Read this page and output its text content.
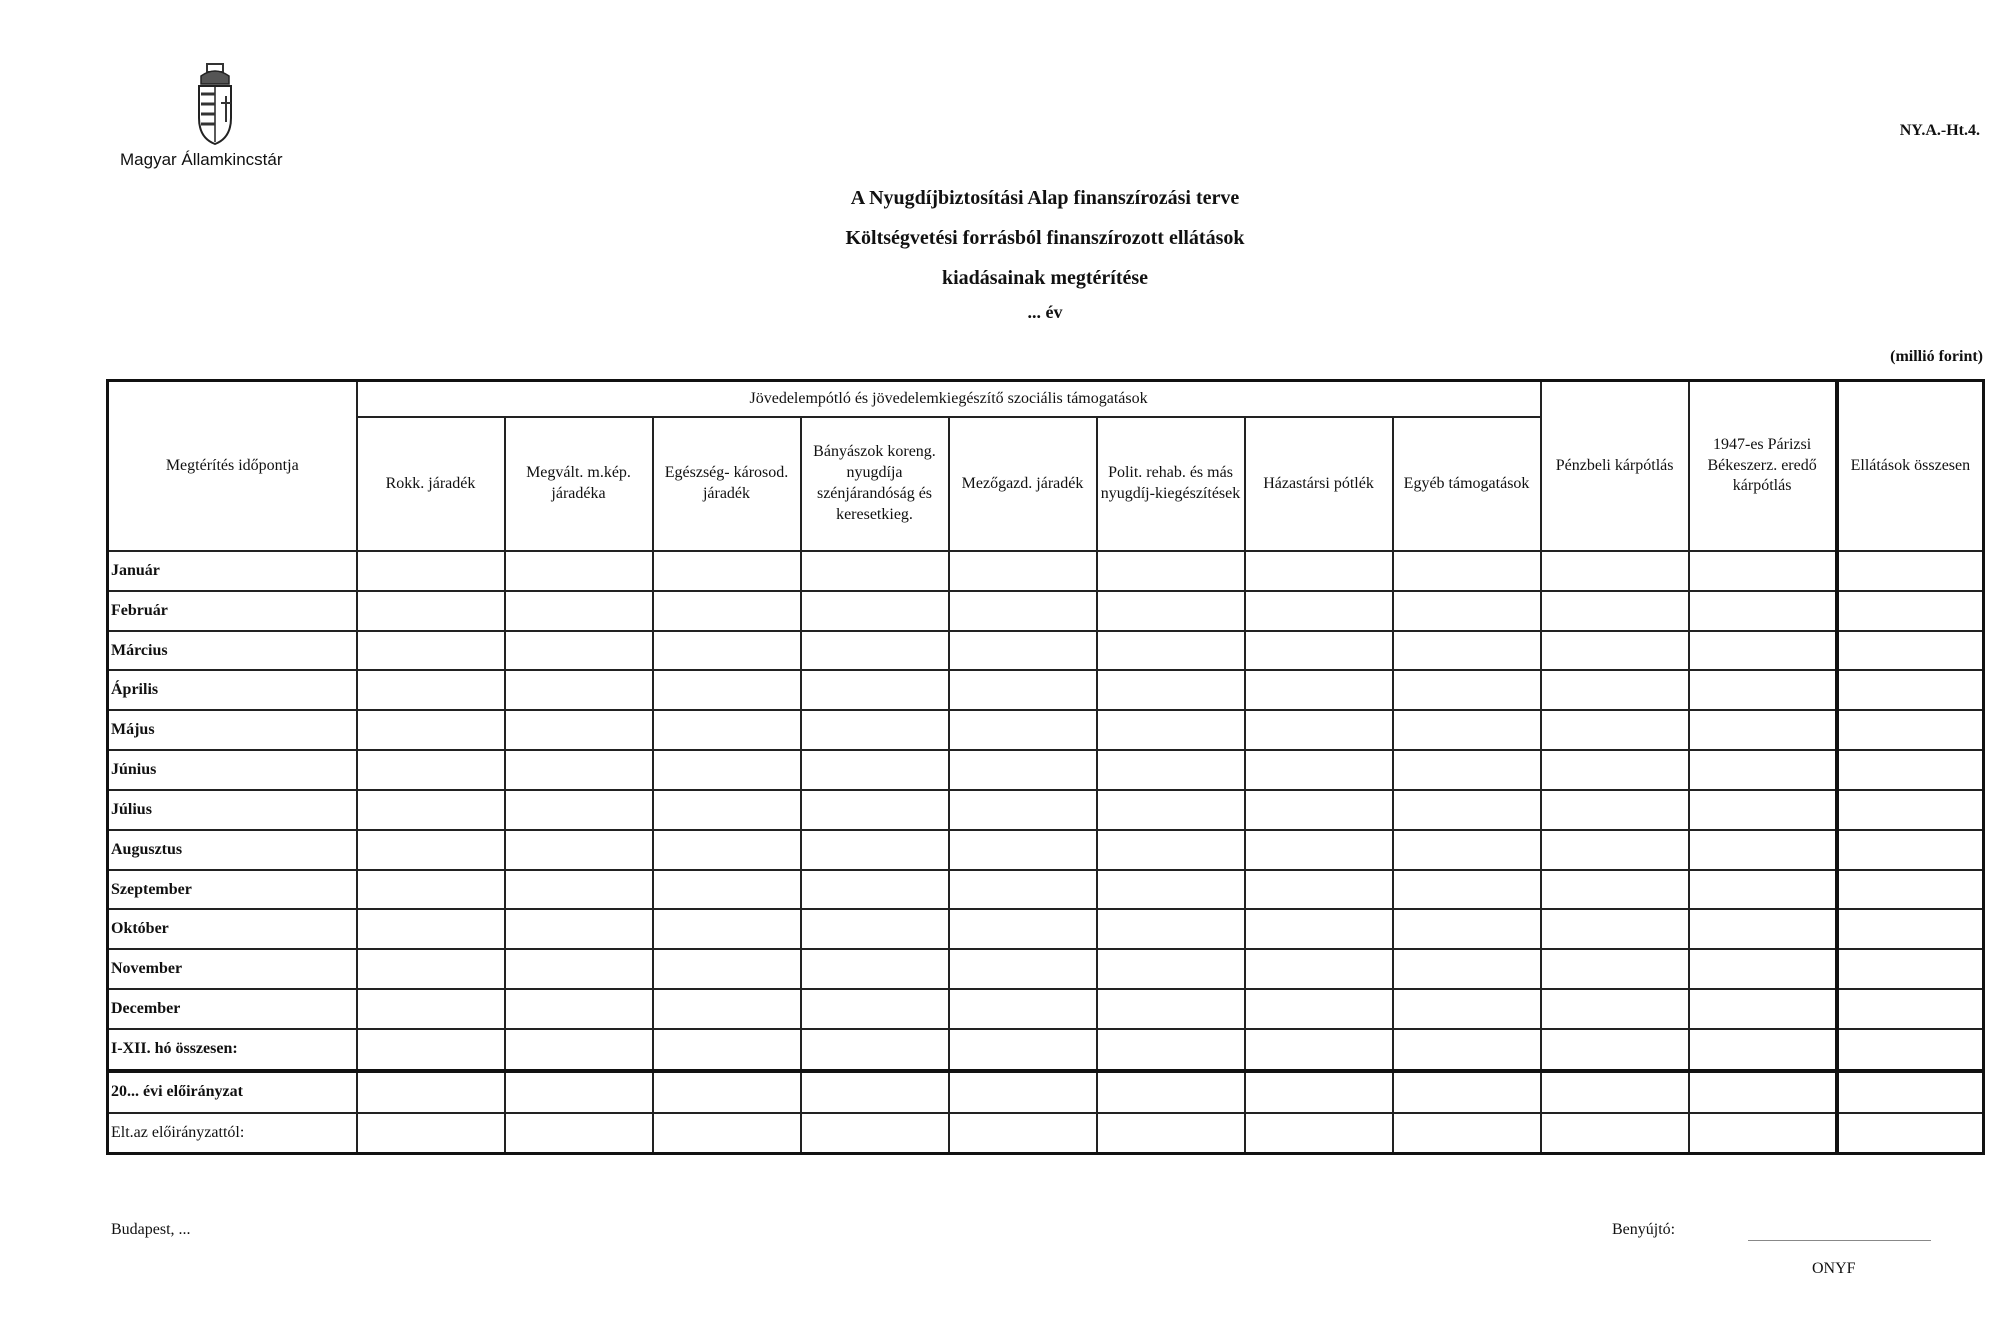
Magyar Államkincstár
NY.A.-Ht.4.
A Nyugdíjbiztosítási Alap finanszírozási terve
Költségvetési forrásból finanszírozott ellátások
kiadásainak megtérítése
... év
(millió forint)
Megtérítés időpontja	Jövedelempótló és jövedelemkiegészítő szociális támogatások								Pénzbeli kárpótlás	1947-es Párizsi Békeszerz. eredő kárpótlás	Ellátások összesen
	Rokk. járadék	Megvált. m.kép. járadéka	Egészség- károsod. járadék	Bányászok koreng. nyugdíja szénjárandóság és keresetkieg.	Mezőgazd. járadék	Polit. rehab. és más nyugdíj-kiegészítések	Házastársi pótlék	Egyéb támogatások			
Január											
Február											
Március											
Április											
Május											
Június											
Július											
Augusztus											
Szeptember											
Október											
November											
December											
I-XII. hó összesen:											
20... évi előirányzat											
Elt.az előirányzattól:											
Budapest, ...	Benyújtó:
ONYF
